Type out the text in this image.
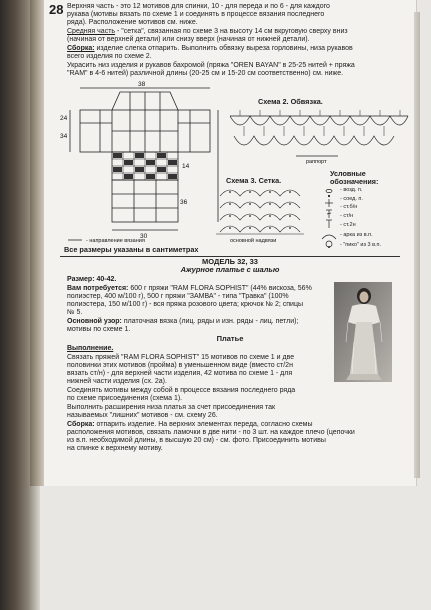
28 Верхняя часть - это 12 мотивов для спинки, 10 - для переда и по 6 - для каждого
рукава (мотивы вязать по схеме 1 и соединять в процессе вязания последнего
ряда). Расположение мотивов см. ниже.
Средняя часть - "сетка", связанная по схеме 3 на высоту 14 см вкруговую сверху вниз
(начиная от верхней детали) или снизу вверх (начиная от нижней детали).
Сборка: изделие слегка отпарить. Выполнить обвязку выреза горловины, низа рукавов
всего изделия по схеме 2.
Украсить низ изделия и рукавов бахромой (пряжа "OREN BAYAN" в 25-25 нитей + пряжа
"RAM" в 4-6 нитей) различной длины (20-25 см и 15-20 см соответственно) см. ниже.
38
24
34
14
36
30
- направление вязания
Все размеры указаны в сантиметрах
Схема 2. Обвязка.
раппорт
Схема 3. Сетка.
основной надвязи
Условные
обозначения:
- возд. п.
- соед. п.
- ст.б/н
- ст/н
- ст.2н
- арка из в.п.
- "пико" из 3 в.п.
МОДЕЛЬ 32, 33
Ажурное платье с шалью
Размер: 40-42.
Вам потребуется: 600 г пряжи "RAM FLORA SOPHIST" (44% вискоза, 56%
полиэстер, 400 м/100 г), 500 г пряжи "ЗАМВА" - типа "Травка" (100%
полиэстера, 150 м/100 г) - вся пряжа розового цвета; крючок № 2; спицы
№ 5.
Основной узор: платочная вязка (лиц. ряды и изн. ряды - лиц. петли);
мотивы по схеме 1.
Платье
Выполнение.
Связать пряжей "RAM FLORA SOPHIST" 15 мотивов по схеме 1 и две
половинки этих мотивов (пройма) в уменьшенном виде (вместо ст/2н
вязать ст/н) - для верхней части изделия, 42 мотива по схеме 1 - для
нижней части изделия (сх. 2а).
Соединять мотивы между собой в процессе вязания последнего ряда
по схеме присоединения (схема 1).
Выполнить расширения низа платья за счет присоединения так
называемых "лишних" мотивов - см. схему 26.
Сборка: отпарить изделие. На верхних элементах переда, согласно схемы
расположения мотивов, связать ламочки в две нити - по 3 шт. на каждое плечо (цепочки
из в.п. необходимой длины, в высшую 20 см) - см. фото. Присоединить мотивы
на спинке к верхнему мотиву.
